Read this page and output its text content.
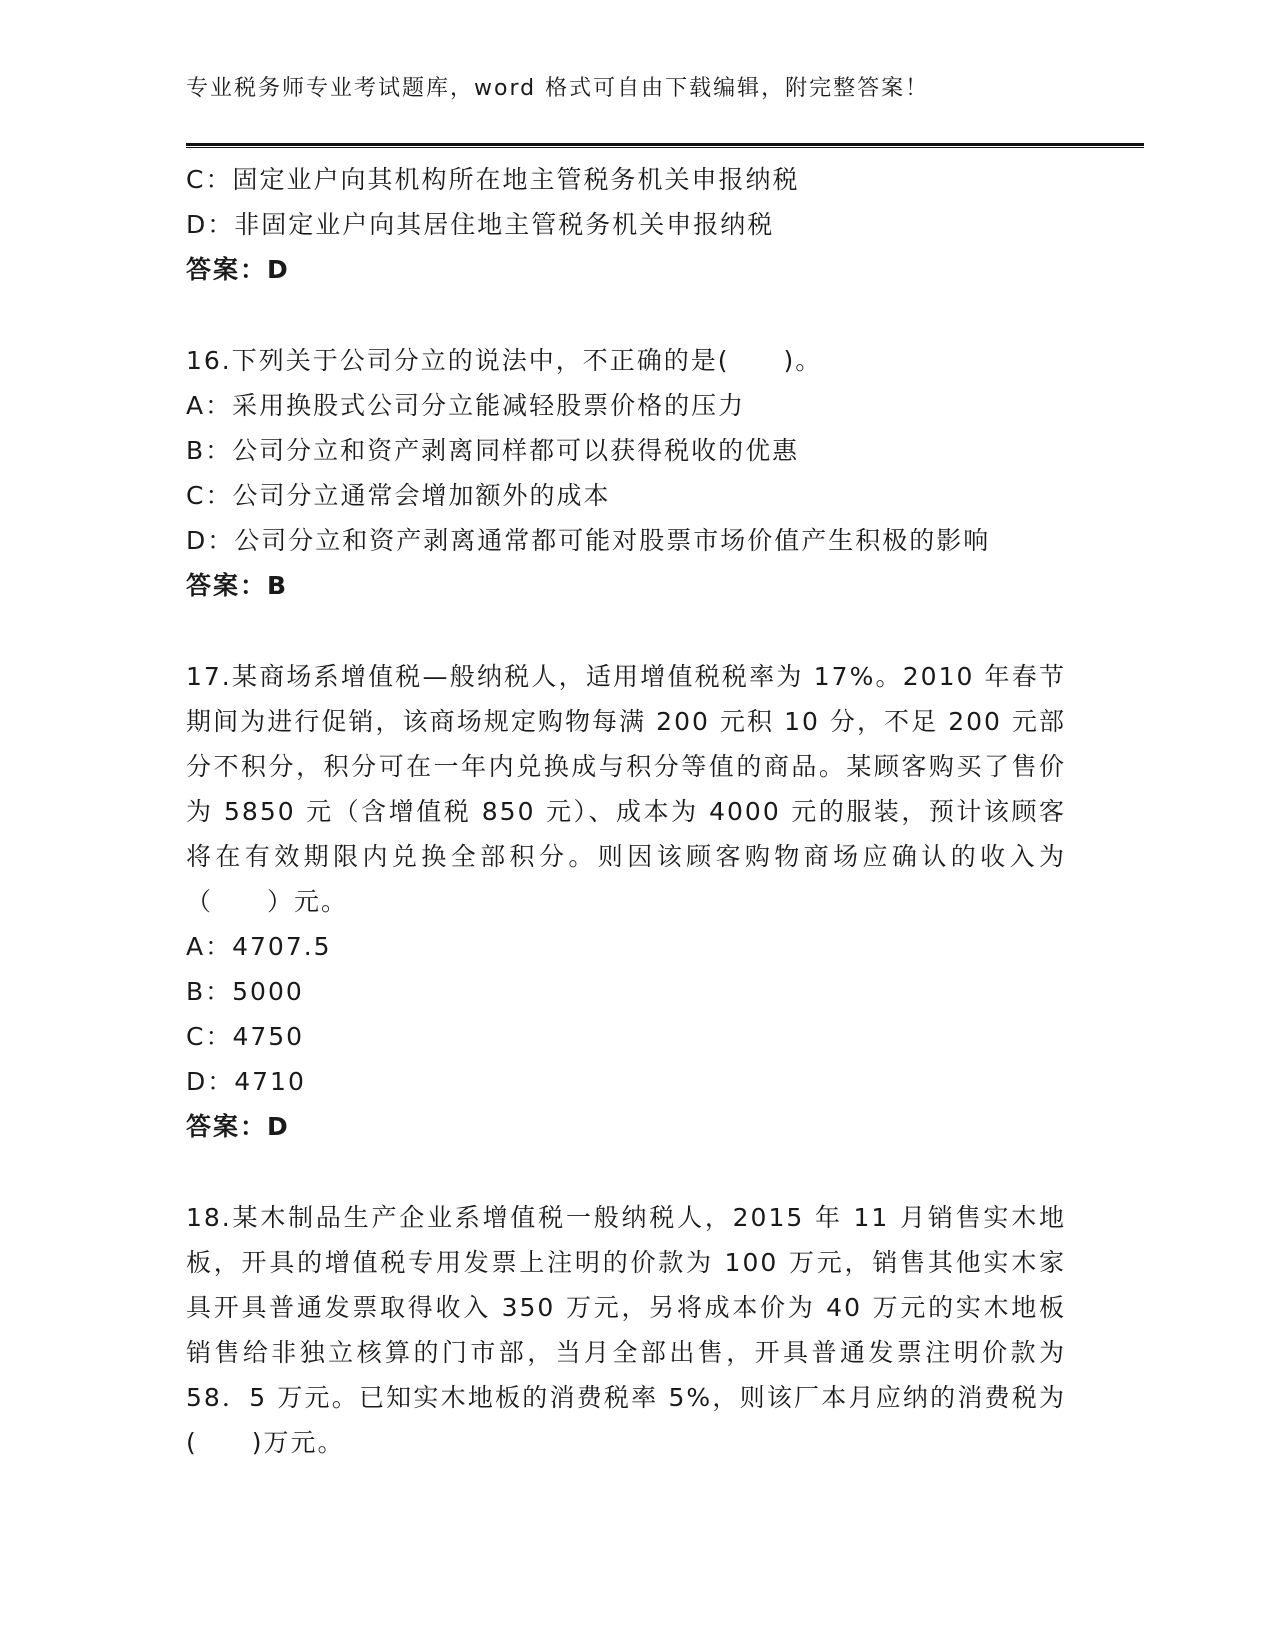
专业税务师专业考试题库，word 格式可自由下载编辑，附完整答案！
C：固定业户向其机构所在地主管税务机关申报纳税
D：非固定业户向其居住地主管税务机关申报纳税
答案：D
16.下列关于公司分立的说法中，不正确的是(　　)。
A：采用换股式公司分立能减轻股票价格的压力
B：公司分立和资产剥离同样都可以获得税收的优惠
C：公司分立通常会增加额外的成本
D：公司分立和资产剥离通常都可能对股票市场价值产生积极的影响
答案：B
17.某商场系增值税—般纳税人，适用增值税税率为 17%。2010 年春节期间为进行促销，该商场规定购物每满 200 元积 10 分，不足 200 元部分不积分，积分可在一年内兑换成与积分等值的商品。某顾客购买了售价为 5850 元（含增值税 850 元）、成本为 4000 元的服装，预计该顾客将在有效期限内兑换全部积分。则因该顾客购物商场应确认的收入为（　　）元。
A：4707.5
B：5000
C：4750
D：4710
答案：D
18.某木制品生产企业系增值税一般纳税人，2015 年 11 月销售实木地板，开具的增值税专用发票上注明的价款为 100 万元，销售其他实木家具开具普通发票取得收入 350 万元，另将成本价为 40 万元的实木地板销售给非独立核算的门市部，当月全部出售，开具普通发票注明价款为 58．5 万元。已知实木地板的消费税率 5%，则该厂本月应纳的消费税为(　　)万元。
